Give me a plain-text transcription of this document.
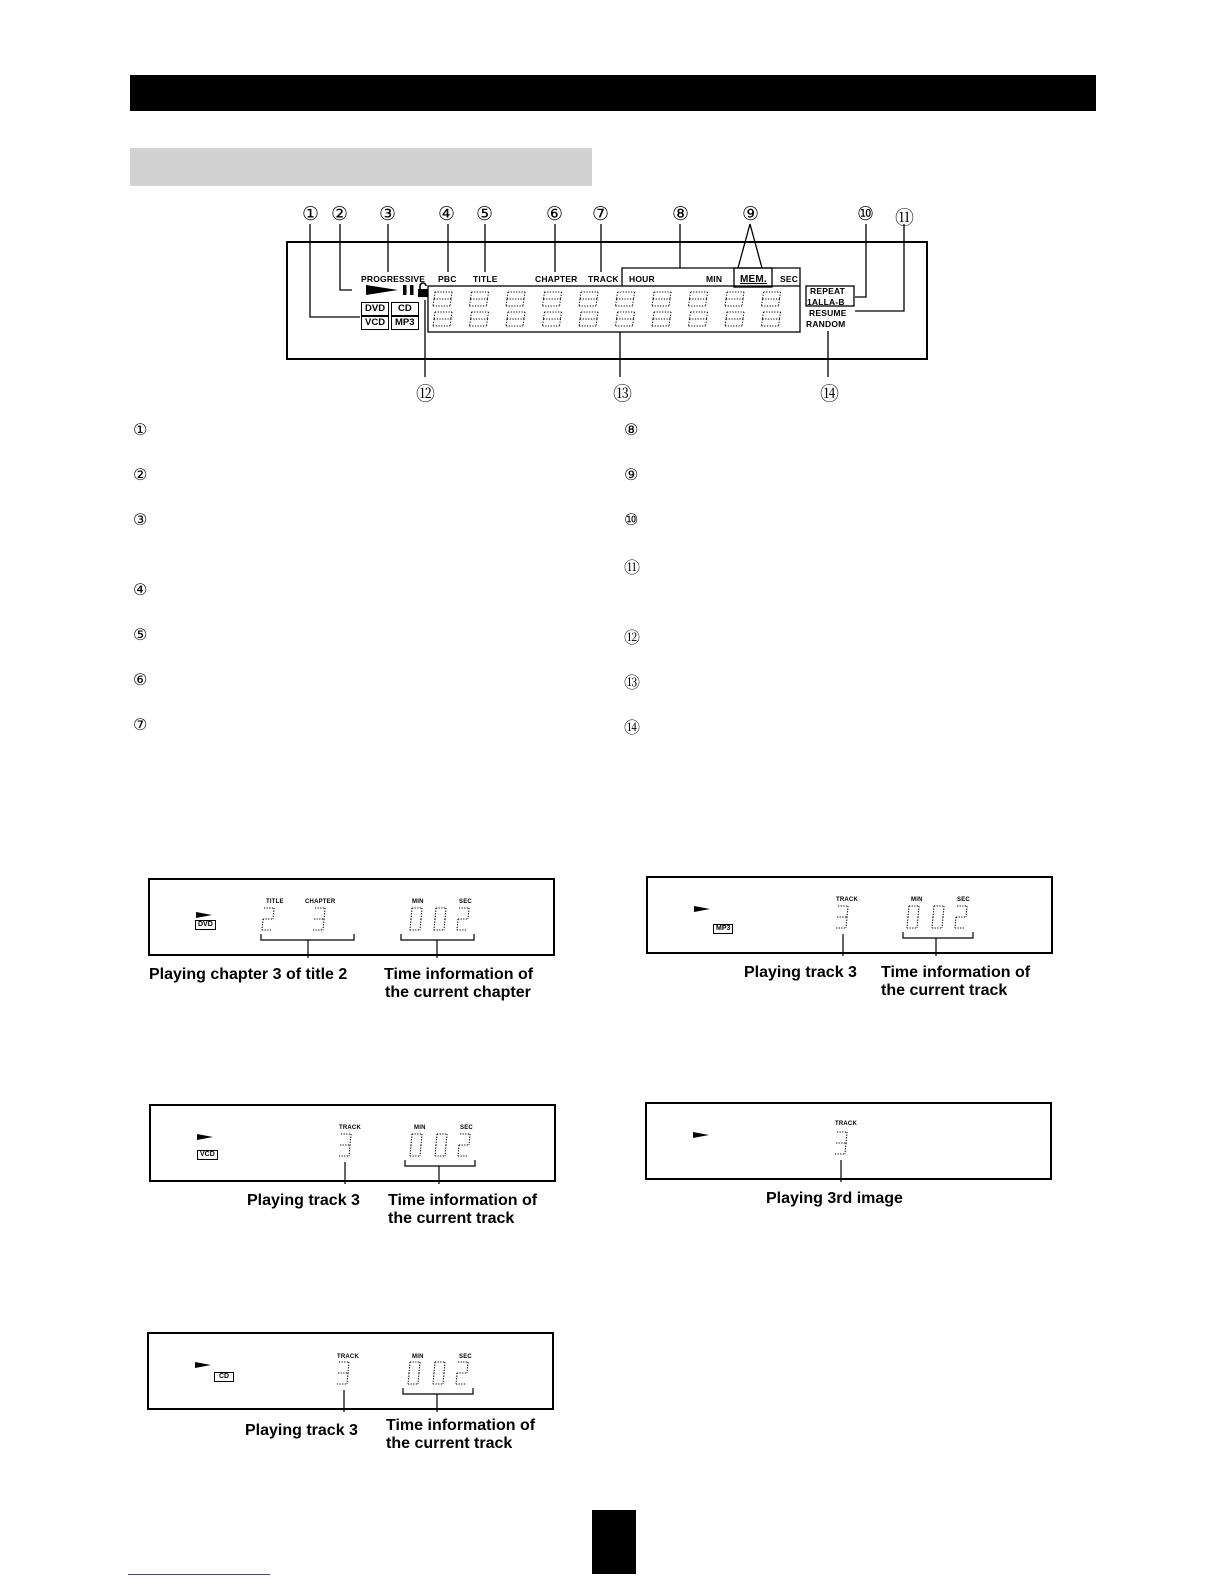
① ② ③ ④ ⑤	⑥ ⑦	⑧	⑨	⑩ ⑪
⑫	⑬	⑭
PROGRESSIVE PBC TITLE	CHAPTER TRACK HOUR	MIN MEM. SEC
REPEAT
1ALLA-B
RESUME
RANDOM
DVD	CD
VCD	MP3
①
②
③
④
⑤
⑥
⑦
⑧
⑨
⑩
⑪
⑫
⑬
⑭
DVD
TITLE	CHAPTER	MIN	SEC
Playing chapter 3 of title 2 Time information of
the current chapter
MP3
TRACK	MIN	SEC
Playing track 3 Time information of
the current track
VCD
TRACK	MIN	SEC
Playing track 3 Time information of
the current track
TRACK
Playing 3rd image
CD
TRACK	MIN	SEC
Playing track 3 Time information of
the current track
